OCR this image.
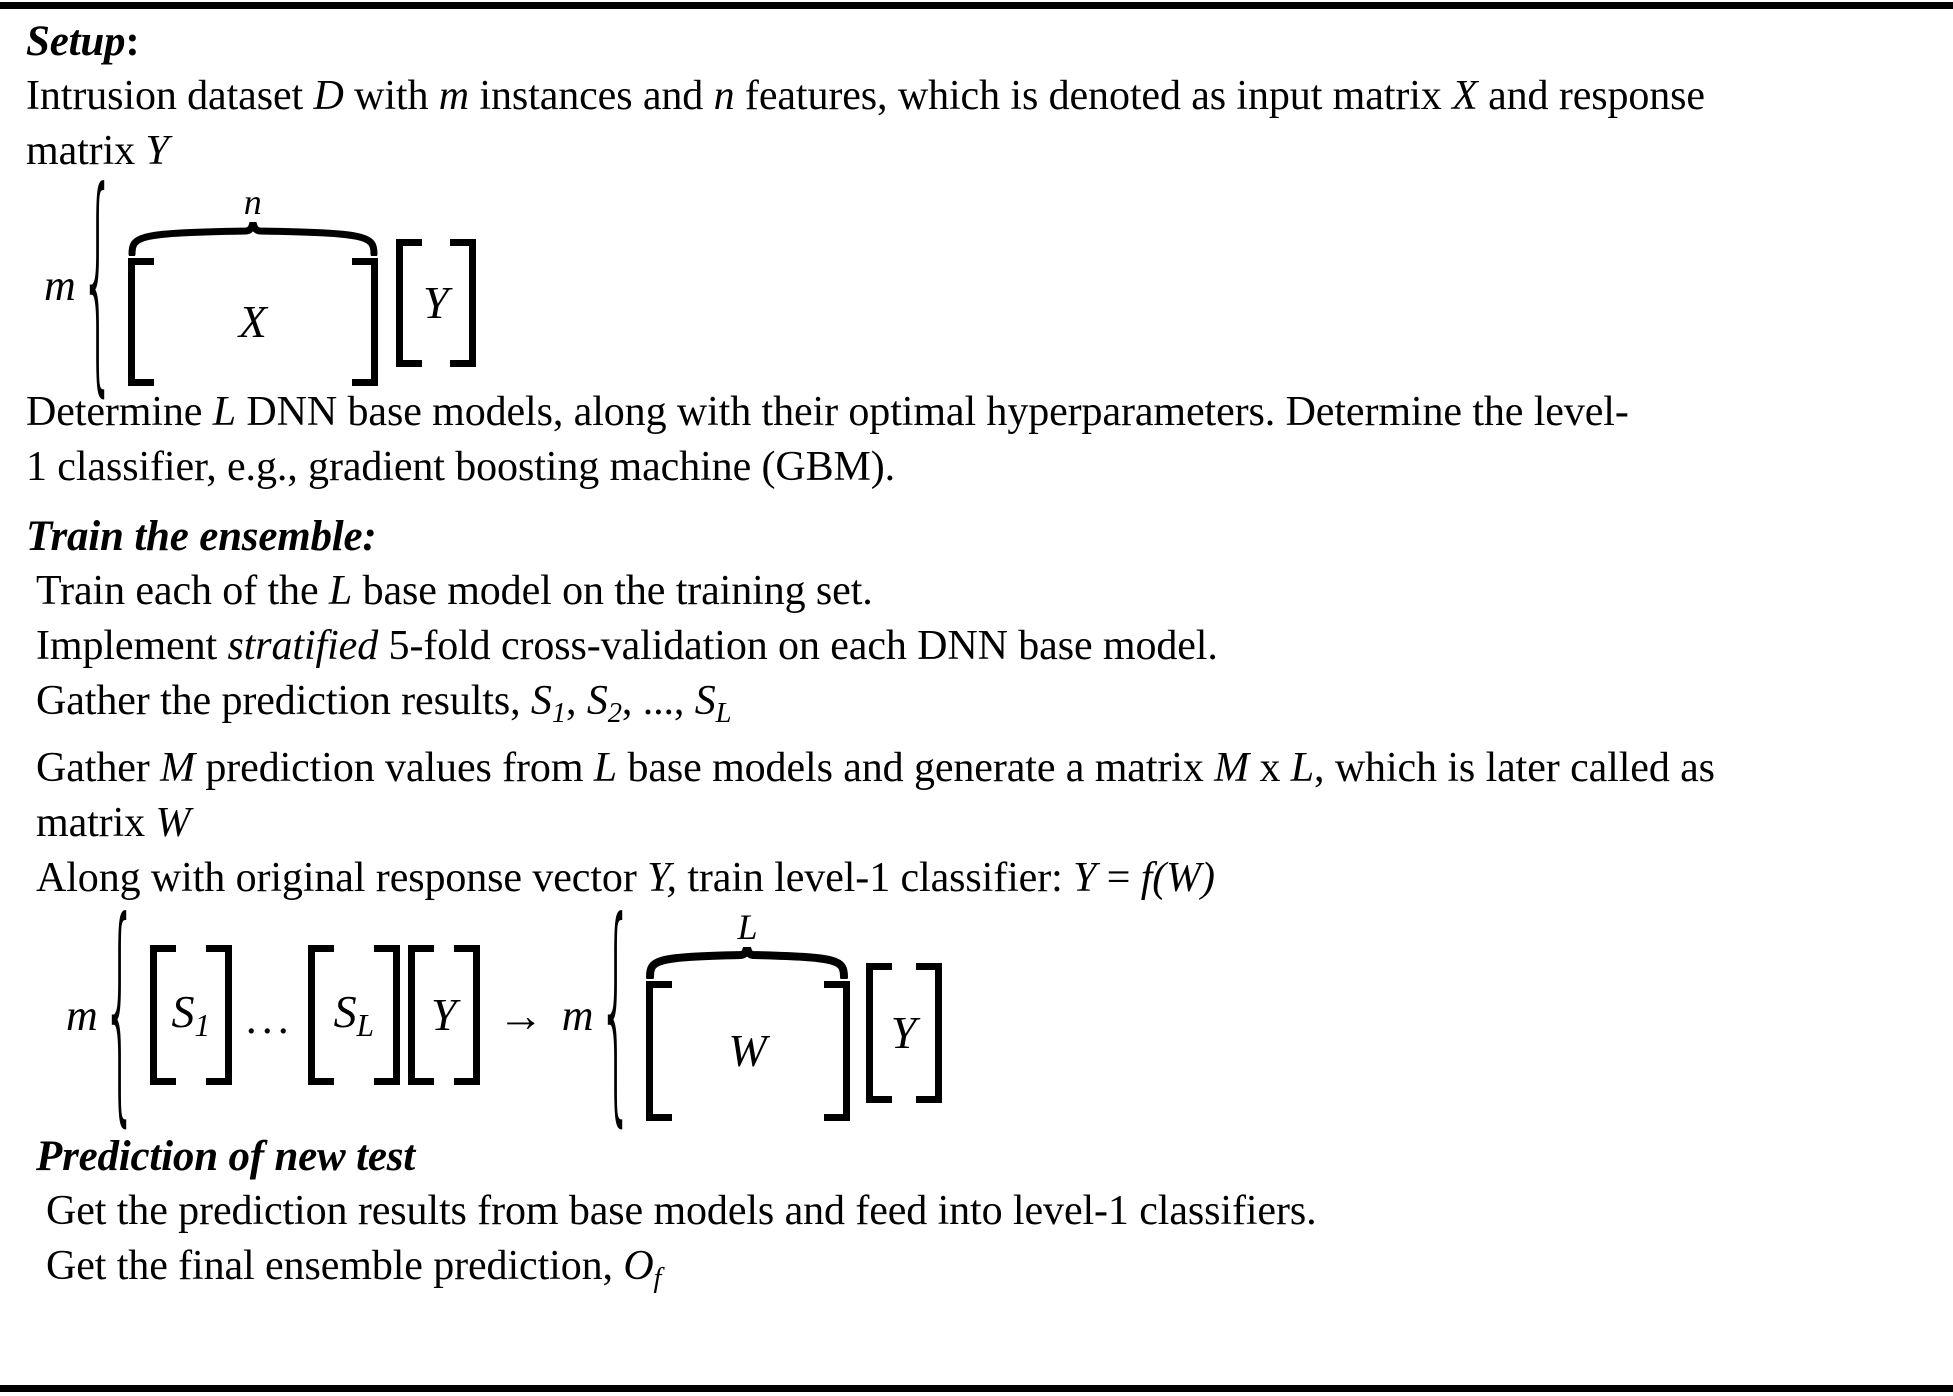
Setup:
Intrusion dataset D with m instances and n features, which is denoted as input matrix X and response
matrix Y
m {	n
X	Y
Determine L DNN base models, along with their optimal hyperparameters. Determine the level-
1 classifier, e.g., gradient boosting machine (GBM).
Train the ensemble:
Train each of the L base model on the training set.
Implement stratified 5-fold cross-validation on each DNN base model.
Gather the prediction results, $S_1$, $S_2$, ..., $S_L$
Gather M prediction values from L base models and generate a matrix M x L, which is later called as
matrix W
Along with original response vector Y, train level-1 classifier: Y = f(W)
m { $S_1$ ... $S_L$ Y → m {	L
W	Y
Prediction of new test
Get the prediction results from base models and feed into level-1 classifiers.
Get the final ensemble prediction, $O_f$
